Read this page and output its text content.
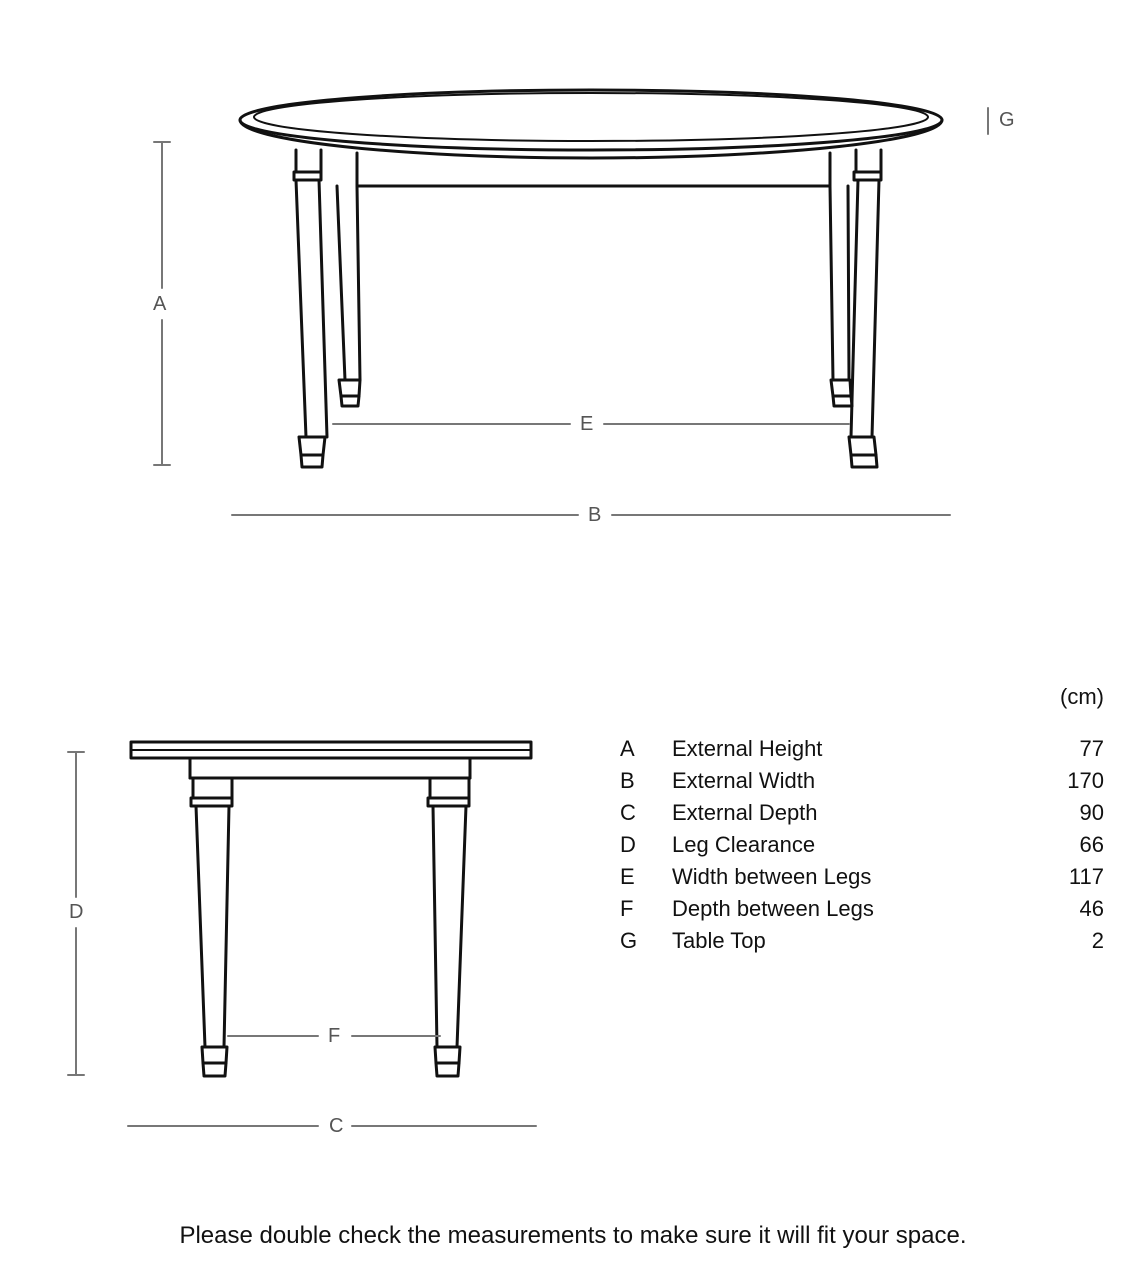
A
G
E
B
D
F
C
(cm)
A	External Height	77
B	External Width	170
C	External Depth	90
D	Leg Clearance	66
E	Width between Legs	117
F	Depth between Legs	46
G	Table Top	2
Please double check the measurements to make sure it will fit your space.
